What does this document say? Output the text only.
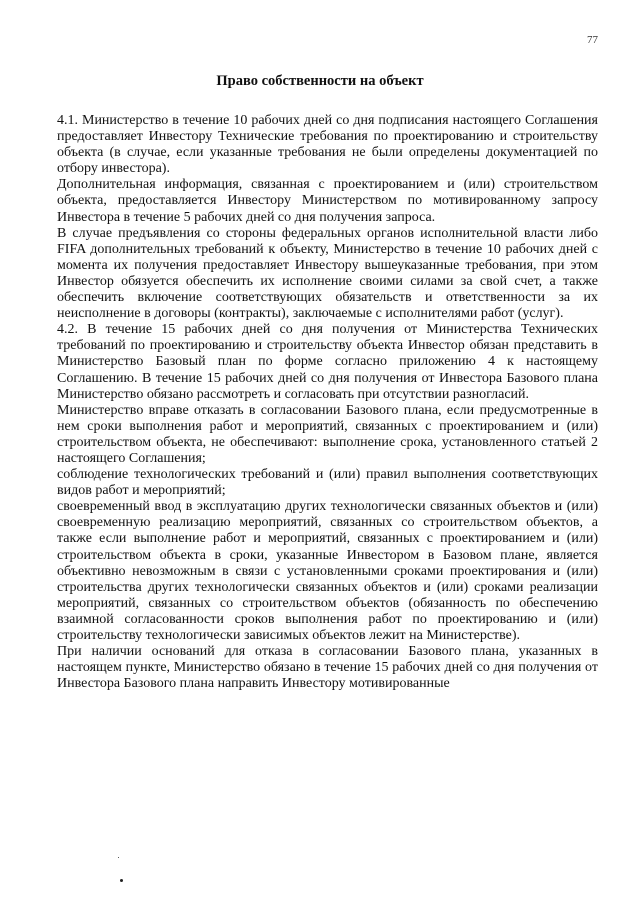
77
Право собственности на объект

4.1. Министерство в течение 10 рабочих дней со дня подписания настоящего Соглашения предоставляет Инвестору Технические требования по проектированию и строительству объекта (в случае, если указанные требования не были определены документацией по отбору инвестора).

Дополнительная информация, связанная с проектированием и (или) строительством объекта, предоставляется Инвестору Министерством по мотивированному запросу Инвестора в течение 5 рабочих дней со дня получения запроса.

В случае предъявления со стороны федеральных органов исполнительной власти либо FIFA дополнительных требований к объекту, Министерство в течение 10 рабочих дней с момента их получения предоставляет Инвестору вышеуказанные требования, при этом Инвестор обязуется обеспечить их исполнение своими силами за свой счет, а также обеспечить включение соответствующих обязательств и ответственности за их неисполнение в договоры (контракты), заключаемые с исполнителями работ (услуг).

4.2. В течение 15 рабочих дней со дня получения от Министерства Технических требований по проектированию и строительству объекта Инвестор обязан представить в Министерство Базовый план по форме согласно приложению 4 к настоящему Соглашению. В течение 15 рабочих дней со дня получения от Инвестора Базового плана Министерство обязано рассмотреть и согласовать при отсутствии разногласий.

Министерство вправе отказать в согласовании Базового плана, если предусмотренные в нем сроки выполнения работ и мероприятий, связанных с проектированием и (или) строительством объекта, не обеспечивают: выполнение срока, установленного статьей 2 настоящего Соглашения;

соблюдение технологических требований и (или) правил выполнения соответствующих видов работ и мероприятий;

своевременный ввод в эксплуатацию других технологически связанных объектов и (или) своевременную реализацию мероприятий, связанных со строительством объектов, а также если выполнение работ и мероприятий, связанных с проектированием и (или) строительством объекта в сроки, указанные Инвестором в Базовом плане, является объективно невозможным в связи с установленными сроками проектирования и (или) строительства других технологически связанных объектов и (или) сроками реализации мероприятий, связанных со строительством объектов (обязанность по обеспечению взаимной согласованности сроков выполнения работ по проектированию и (или) строительству технологически зависимых объектов лежит на Министерстве).

При наличии оснований для отказа в согласовании Базового плана, указанных в настоящем пункте, Министерство обязано в течение 15 рабочих дней со дня получения от Инвестора Базового плана направить Инвестору мотивированные
